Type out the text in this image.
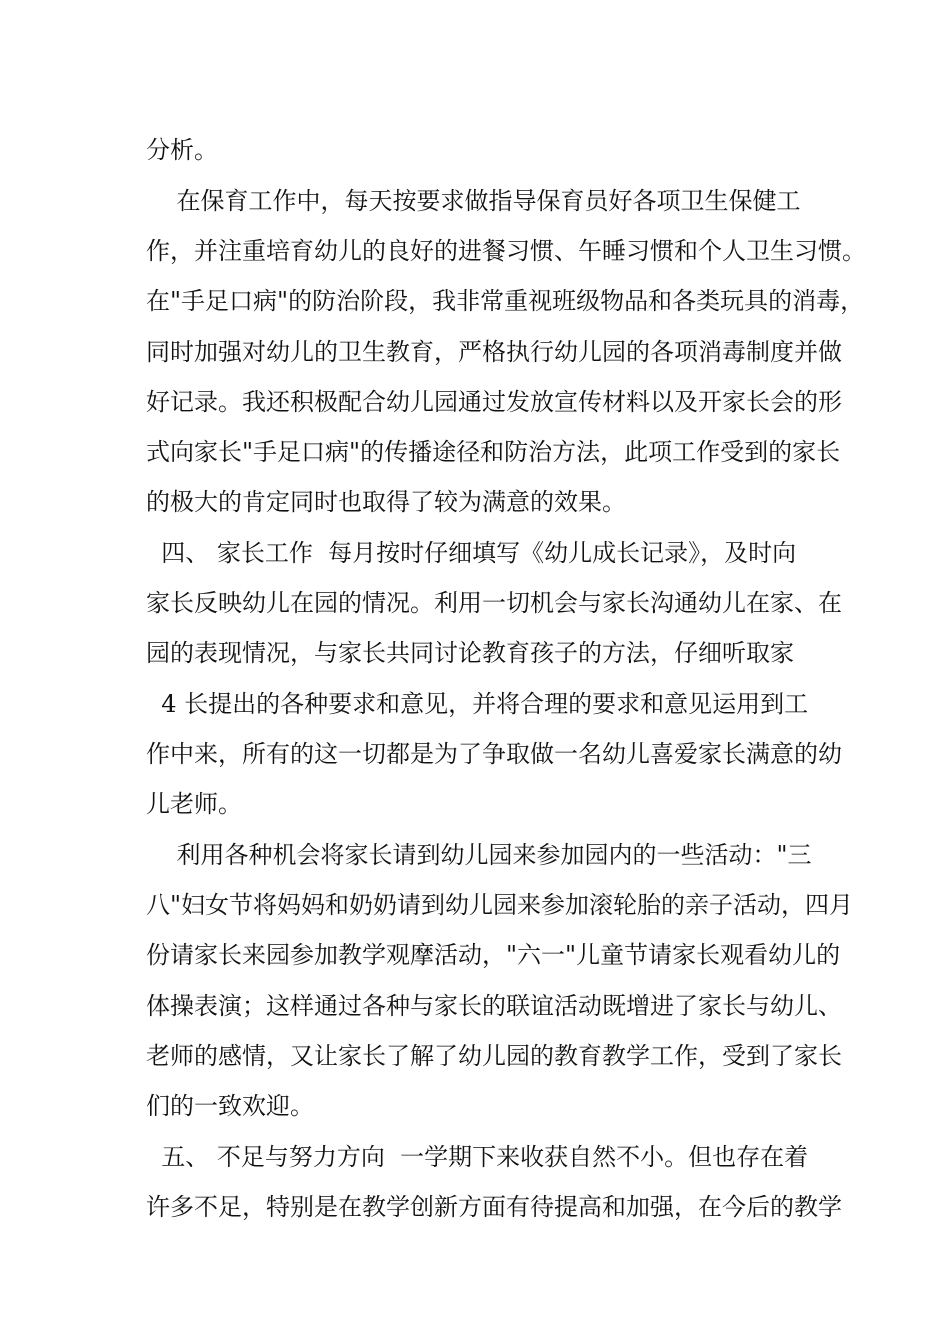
分析。

在保育工作中，每天按要求做指导保育员好各项卫生保健工

作，并注重培育幼儿的良好的进餐习惯、午睡习惯和个人卫生习惯。

在"手足口病"的防治阶段，我非常重视班级物品和各类玩具的消毒，

同时加强对幼儿的卫生教育，严格执行幼儿园的各项消毒制度并做

好记录。我还积极配合幼儿园通过发放宣传材料以及开家长会的形

式向家长"手足口病"的传播途径和防治方法，此项工作受到的家长

的极大的肯定同时也取得了较为满意的效果。

四、 家长工作  每月按时仔细填写《幼儿成长记录》，及时向

家长反映幼儿在园的情况。利用一切机会与家长沟通幼儿在家、在

园的表现情况，与家长共同讨论教育孩子的方法，仔细听取家

4 长提出的各种要求和意见，并将合理的要求和意见运用到工

作中来，所有的这一切都是为了争取做一名幼儿喜爱家长满意的幼

儿老师。

利用各种机会将家长请到幼儿园来参加园内的一些活动："三

八"妇女节将妈妈和奶奶请到幼儿园来参加滚轮胎的亲子活动，四月

份请家长来园参加教学观摩活动，"六一"儿童节请家长观看幼儿的

体操表演；这样通过各种与家长的联谊活动既增进了家长与幼儿、

老师的感情，又让家长了解了幼儿园的教育教学工作，受到了家长

们的一致欢迎。

五、 不足与努力方向  一学期下来收获自然不小。但也存在着

许多不足，特别是在教学创新方面有待提高和加强，在今后的教学
